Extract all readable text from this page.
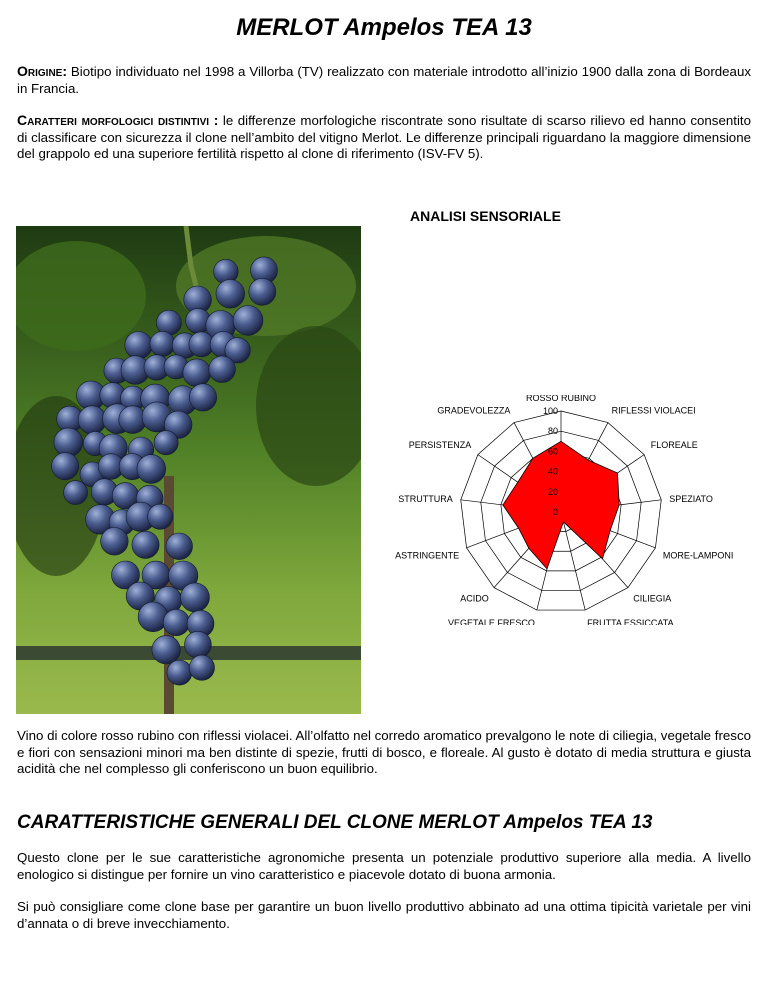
MERLOT Ampelos TEA 13
Origine: Biotipo individuato nel 1998 a Villorba (TV) realizzato con materiale introdotto all’inizio 1900 dalla zona di Bordeaux in Francia.
Caratteri morfologici distintivi : le differenze morfologiche riscontrate sono risultate di scarso rilievo ed hanno consentito di classificare con sicurezza il clone nell’ambito del vitigno Merlot. Le differenze principali riguardano la maggiore dimensione del grappolo ed una superiore fertilità rispetto al clone di riferimento (ISV-FV 5).
ANALISI SENSORIALE
0
20
40
60
80
100
ROSSO RUBINO
RIFLESSI VIOLACEI
FLOREALE
SPEZIATO
MORE-LAMPONI
CILIEGIA
FRUTTA ESSICCATA
VEGETALE FRESCO
ACIDO
ASTRINGENTE
STRUTTURA
PERSISTENZA
GRADEVOLEZZA
Vino di colore rosso rubino con riflessi violacei. All’olfatto nel corredo aromatico prevalgono le note di ciliegia, vegetale fresco e fiori con sensazioni minori ma ben distinte di spezie, frutti di bosco, e floreale. Al gusto è dotato di media struttura e giusta acidità che nel complesso gli conferiscono un buon equilibrio.
CARATTERISTICHE GENERALI DEL CLONE MERLOT Ampelos TEA 13
Questo clone per le sue caratteristiche agronomiche presenta un potenziale produttivo superiore alla media. A livello enologico si distingue per fornire un vino caratteristico e piacevole dotato di buona armonia.
Si può consigliare come clone base per garantire un buon livello produttivo abbinato ad una ottima tipicità varietale per vini d’annata o di breve invecchiamento.
